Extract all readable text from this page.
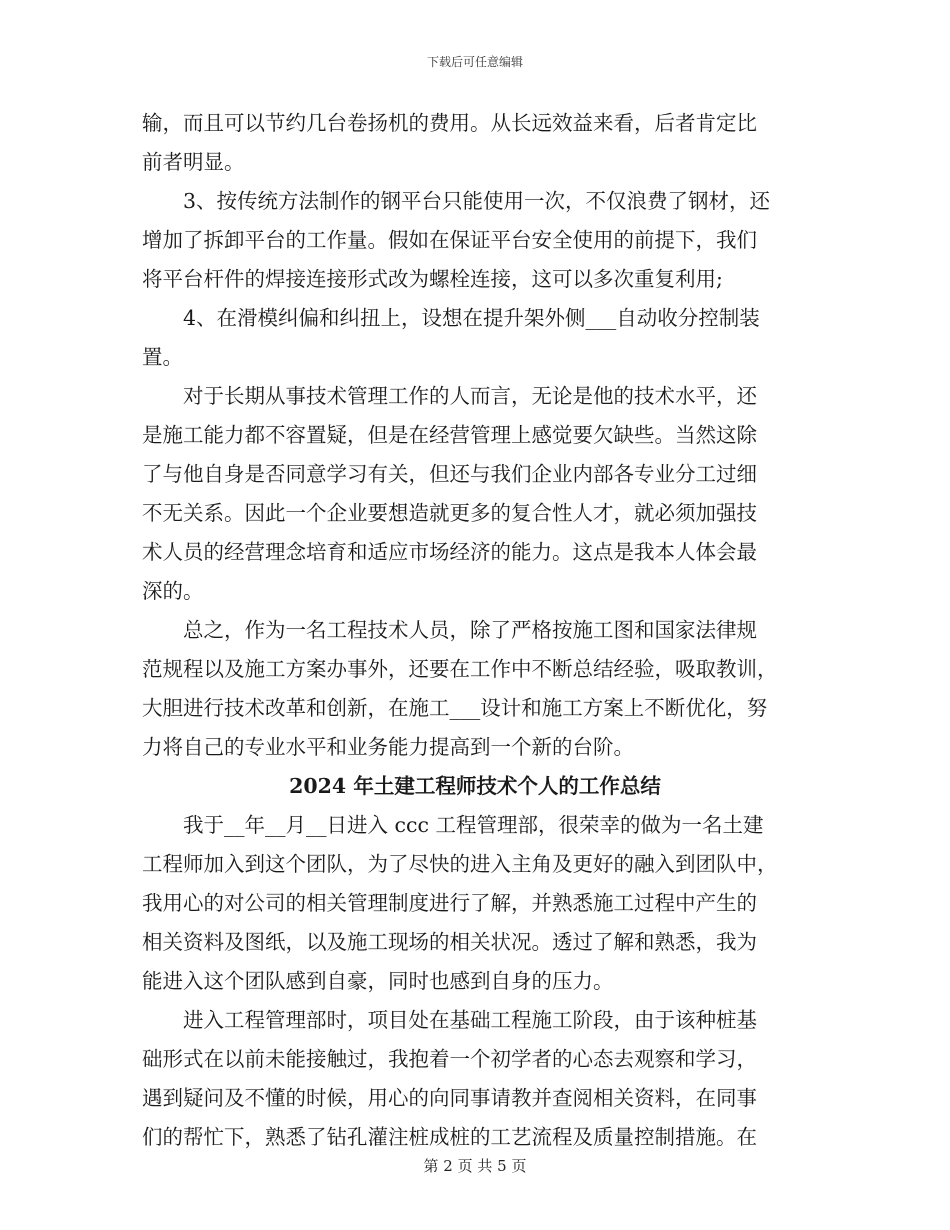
下载后可任意编辑
输，而且可以节约几台卷扬机的费用。从长远效益来看，后者肯定比
前者明显。
3、按传统方法制作的钢平台只能使用一次，不仅浪费了钢材，还
增加了拆卸平台的工作量。假如在保证平台安全使用的前提下，我们
将平台杆件的焊接连接形式改为螺栓连接，这可以多次重复利用;
4、在滑模纠偏和纠扭上，设想在提升架外侧___自动收分控制装
置。
对于长期从事技术管理工作的人而言，无论是他的技术水平，还
是施工能力都不容置疑，但是在经营管理上感觉要欠缺些。当然这除
了与他自身是否同意学习有关，但还与我们企业内部各专业分工过细
不无关系。因此一个企业要想造就更多的复合性人才，就必须加强技
术人员的经营理念培育和适应市场经济的能力。这点是我本人体会最
深的。
总之，作为一名工程技术人员，除了严格按施工图和国家法律规
范规程以及施工方案办事外，还要在工作中不断总结经验，吸取教训，
大胆进行技术改革和创新，在施工___设计和施工方案上不断优化，努
力将自己的专业水平和业务能力提高到一个新的台阶。
2024 年土建工程师技术个人的工作总结
我于__年__月__日进入 ccc 工程管理部，很荣幸的做为一名土建
工程师加入到这个团队，为了尽快的进入主角及更好的融入到团队中，
我用心的对公司的相关管理制度进行了解，并熟悉施工过程中产生的
相关资料及图纸，以及施工现场的相关状况。透过了解和熟悉，我为
能进入这个团队感到自豪，同时也感到自身的压力。
进入工程管理部时，项目处在基础工程施工阶段，由于该种桩基
础形式在以前未能接触过，我抱着一个初学者的心态去观察和学习，
遇到疑问及不懂的时候，用心的向同事请教并查阅相关资料，在同事
们的帮忙下，熟悉了钻孔灌注桩成桩的工艺流程及质量控制措施。在
第 2 页 共 5 页
